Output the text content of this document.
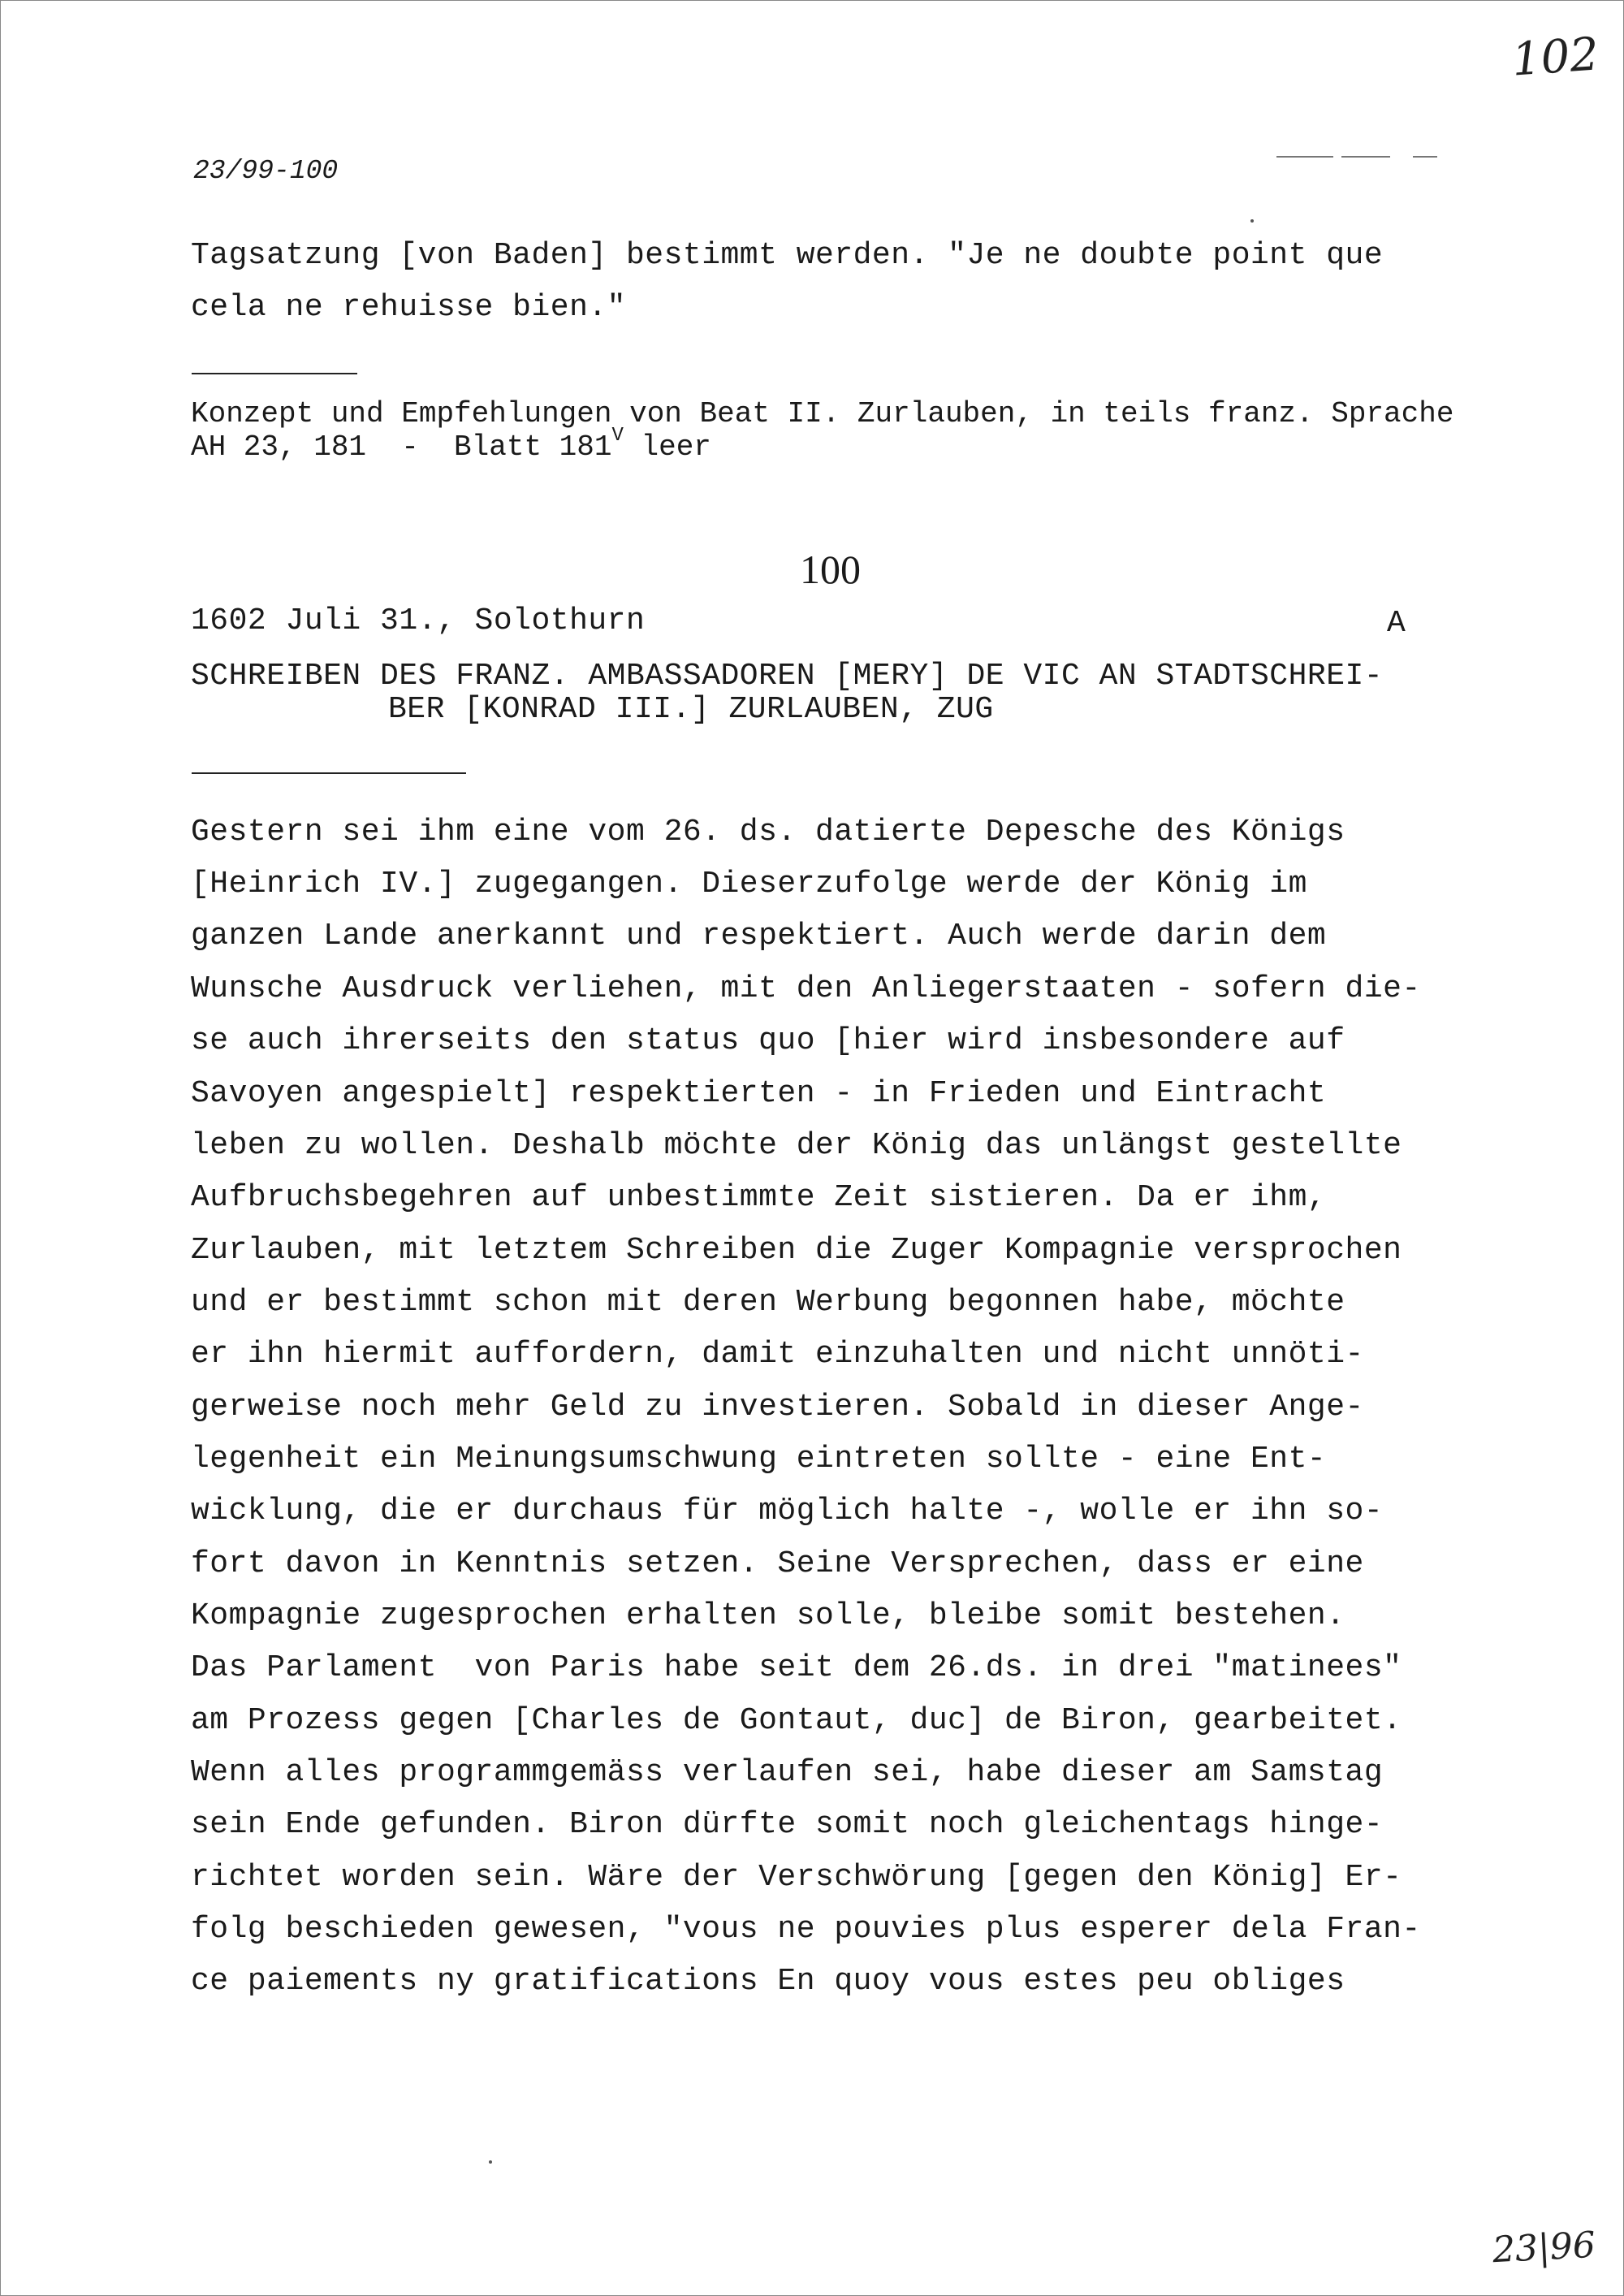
102
23/99-100
Tagsatzung [von Baden] bestimmt werden. "Je ne doubte point que
cela ne rehuisse bien."
Konzept und Empfehlungen von Beat II. Zurlauben, in teils franz. Sprache
AH 23, 181  -  Blatt $181^V$ leer
100
1602 Juli 31., Solothurn	A
SCHREIBEN DES FRANZ. AMBASSADOREN [MERY] DE VIC AN STADTSCHREI-
BER [KONRAD III.] ZURLAUBEN, ZUG
Gestern sei ihm eine vom 26. ds. datierte Depesche des Königs
[Heinrich IV.] zugegangen. Dieserzufolge werde der König im
ganzen Lande anerkannt und respektiert. Auch werde darin dem
Wunsche Ausdruck verliehen, mit den Anliegerstaaten - sofern die-
se auch ihrerseits den status quo [hier wird insbesondere auf
Savoyen angespielt] respektierten - in Frieden und Eintracht
leben zu wollen. Deshalb möchte der König das unlängst gestellte
Aufbruchsbegehren auf unbestimmte Zeit sistieren. Da er ihm,
Zurlauben, mit letztem Schreiben die Zuger Kompagnie versprochen
und er bestimmt schon mit deren Werbung begonnen habe, möchte
er ihn hiermit auffordern, damit einzuhalten und nicht unnöti-
gerweise noch mehr Geld zu investieren. Sobald in dieser Ange-
legenheit ein Meinungsumschwung eintreten sollte - eine Ent-
wicklung, die er durchaus für möglich halte -, wolle er ihn so-
fort davon in Kenntnis setzen. Seine Versprechen, dass er eine
Kompagnie zugesprochen erhalten solle, bleibe somit bestehen.
Das Parlament  von Paris habe seit dem 26.ds. in drei "matinees"
am Prozess gegen [Charles de Gontaut, duc] de Biron, gearbeitet.
Wenn alles programmgemäss verlaufen sei, habe dieser am Samstag
sein Ende gefunden. Biron dürfte somit noch gleichentags hinge-
richtet worden sein. Wäre der Verschwörung [gegen den König] Er-
folg beschieden gewesen, "vous ne pouvies plus esperer dela Fran-
ce paiements ny gratifications En quoy vous estes peu obliges
23|96
